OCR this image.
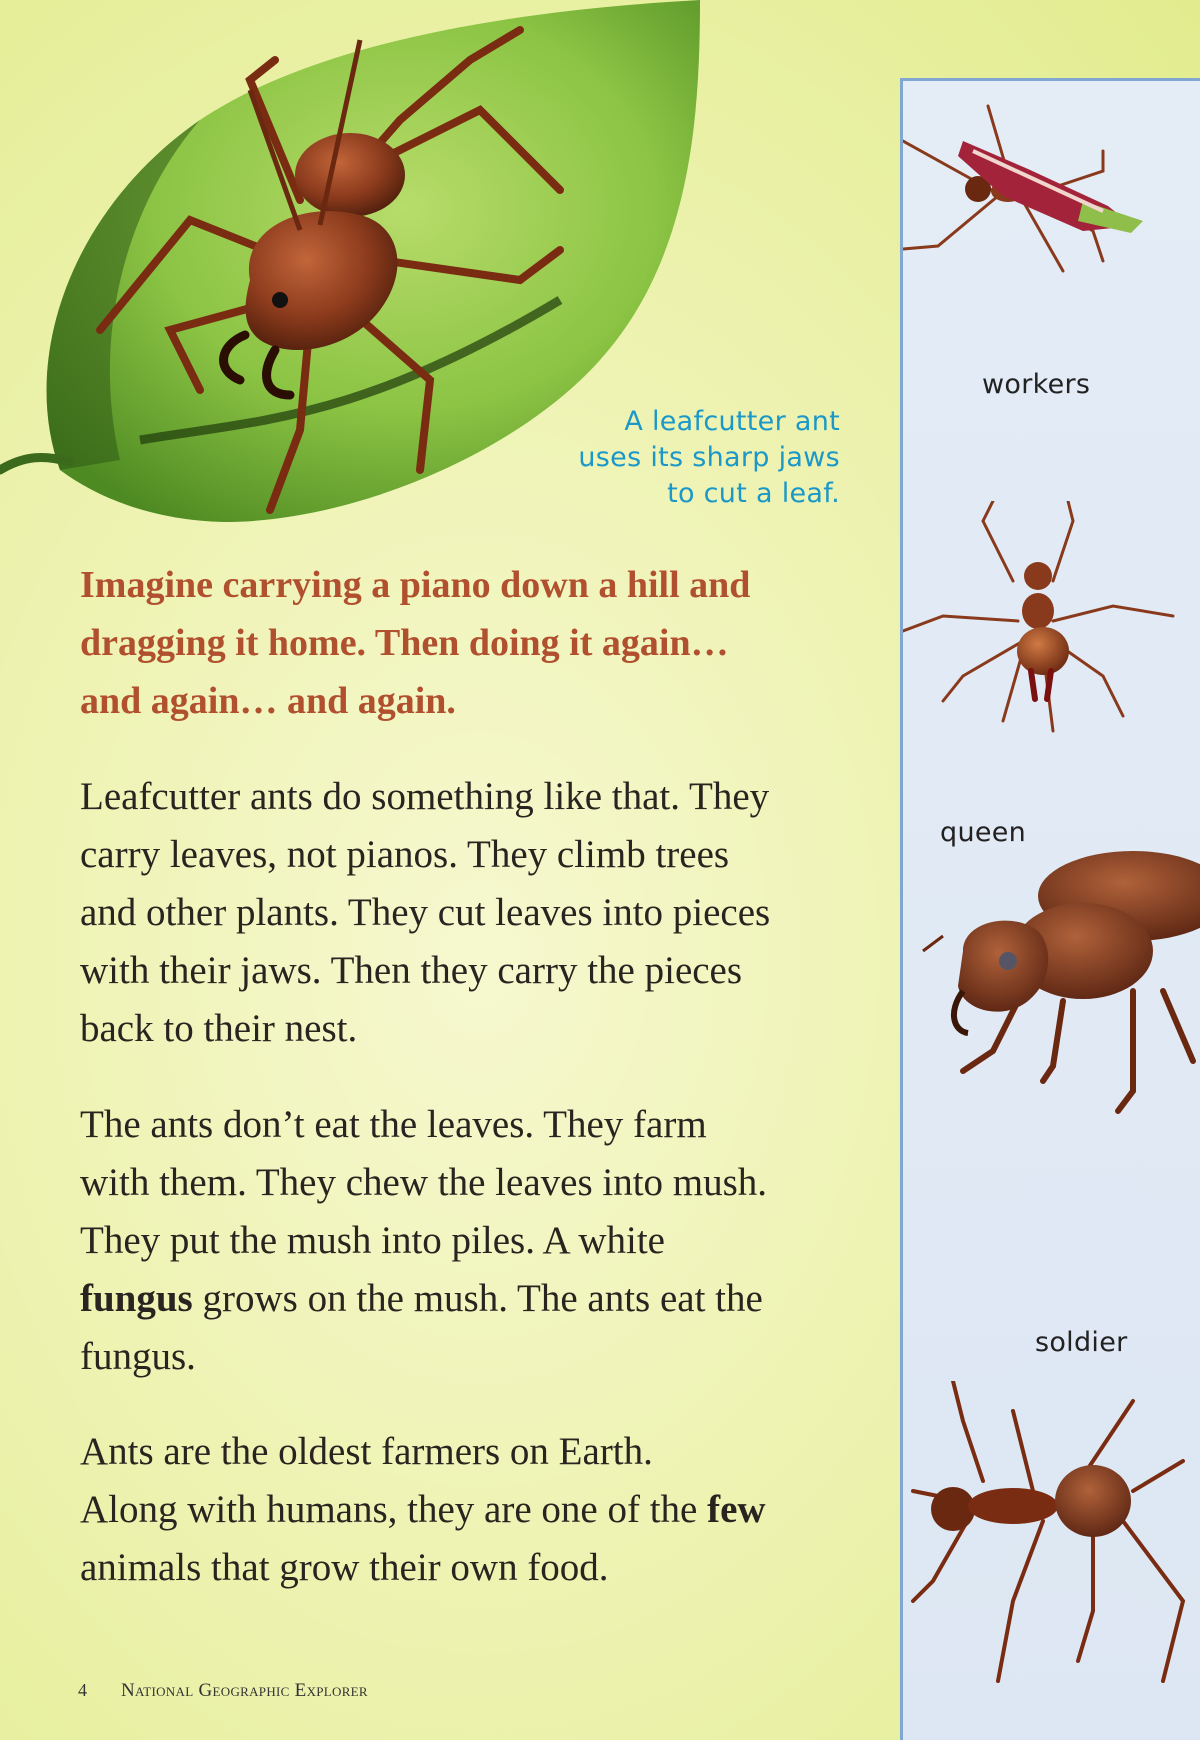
A leafcutter ant
uses its sharp jaws
to cut a leaf.
Imagine carrying a piano down a hill and
dragging it home. Then doing it again…
and again… and again.
Leafcutter ants do something like that. They
carry leaves, not pianos. They climb trees
and other plants. They cut leaves into pieces
with their jaws. Then they carry the pieces
back to their nest.
The ants don’t eat the leaves. They farm
with them. They chew the leaves into mush.
They put the mush into piles. A white
fungus grows on the mush. The ants eat the
fungus.
Ants are the oldest farmers on Earth.
Along with humans, they are one of the few
animals that grow their own food.
4 National Geographic Explorer
workers
queen
soldier
